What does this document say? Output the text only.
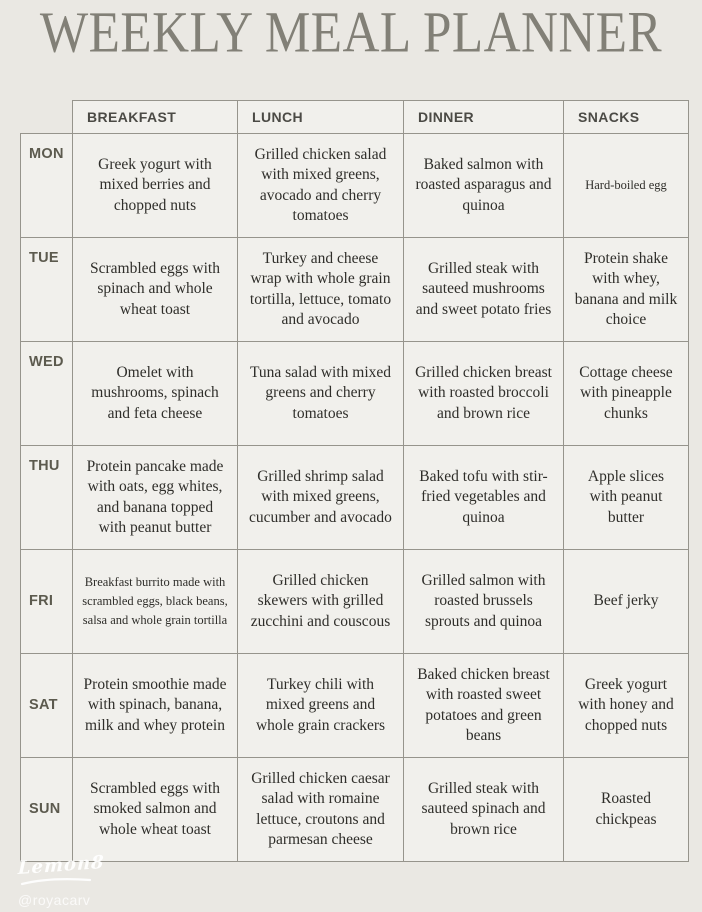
WEEKLY MEAL PLANNER
	BREAKFAST	LUNCH	DINNER	SNACKS
MON	Greek yogurt with mixed berries and chopped nuts	Grilled chicken salad with mixed greens, avocado and cherry tomatoes	Baked salmon with roasted asparagus and quinoa	Hard-boiled egg
TUE	Scrambled eggs with spinach and whole wheat toast	Turkey and cheese wrap with whole grain tortilla, lettuce, tomato and avocado	Grilled steak with sauteed mushrooms and sweet potato fries	Protein shake with whey, banana and milk choice
WED	Omelet with mushrooms, spinach and feta cheese	Tuna salad with mixed greens and cherry tomatoes	Grilled chicken breast with roasted broccoli and brown rice	Cottage cheese with pineapple chunks
THU	Protein pancake made with oats, egg whites, and banana topped with peanut butter	Grilled shrimp salad with mixed greens, cucumber and avocado	Baked tofu with stir-fried vegetables and quinoa	Apple slices with peanut butter
FRI	Breakfast burrito made with scrambled eggs, black beans, salsa and whole grain tortilla	Grilled chicken skewers with grilled zucchini and couscous	Grilled salmon with roasted brussels sprouts and quinoa	Beef jerky
SAT	Protein smoothie made with spinach, banana, milk and whey protein	Turkey chili with mixed greens and whole grain crackers	Baked chicken breast with roasted sweet potatoes and green beans	Greek yogurt with honey and chopped nuts
SUN	Scrambled eggs with smoked salmon and whole wheat toast	Grilled chicken caesar salad with romaine lettuce, croutons and parmesan cheese	Grilled steak with sauteed spinach and brown rice	Roasted chickpeas
Lemon8
@royacarv
